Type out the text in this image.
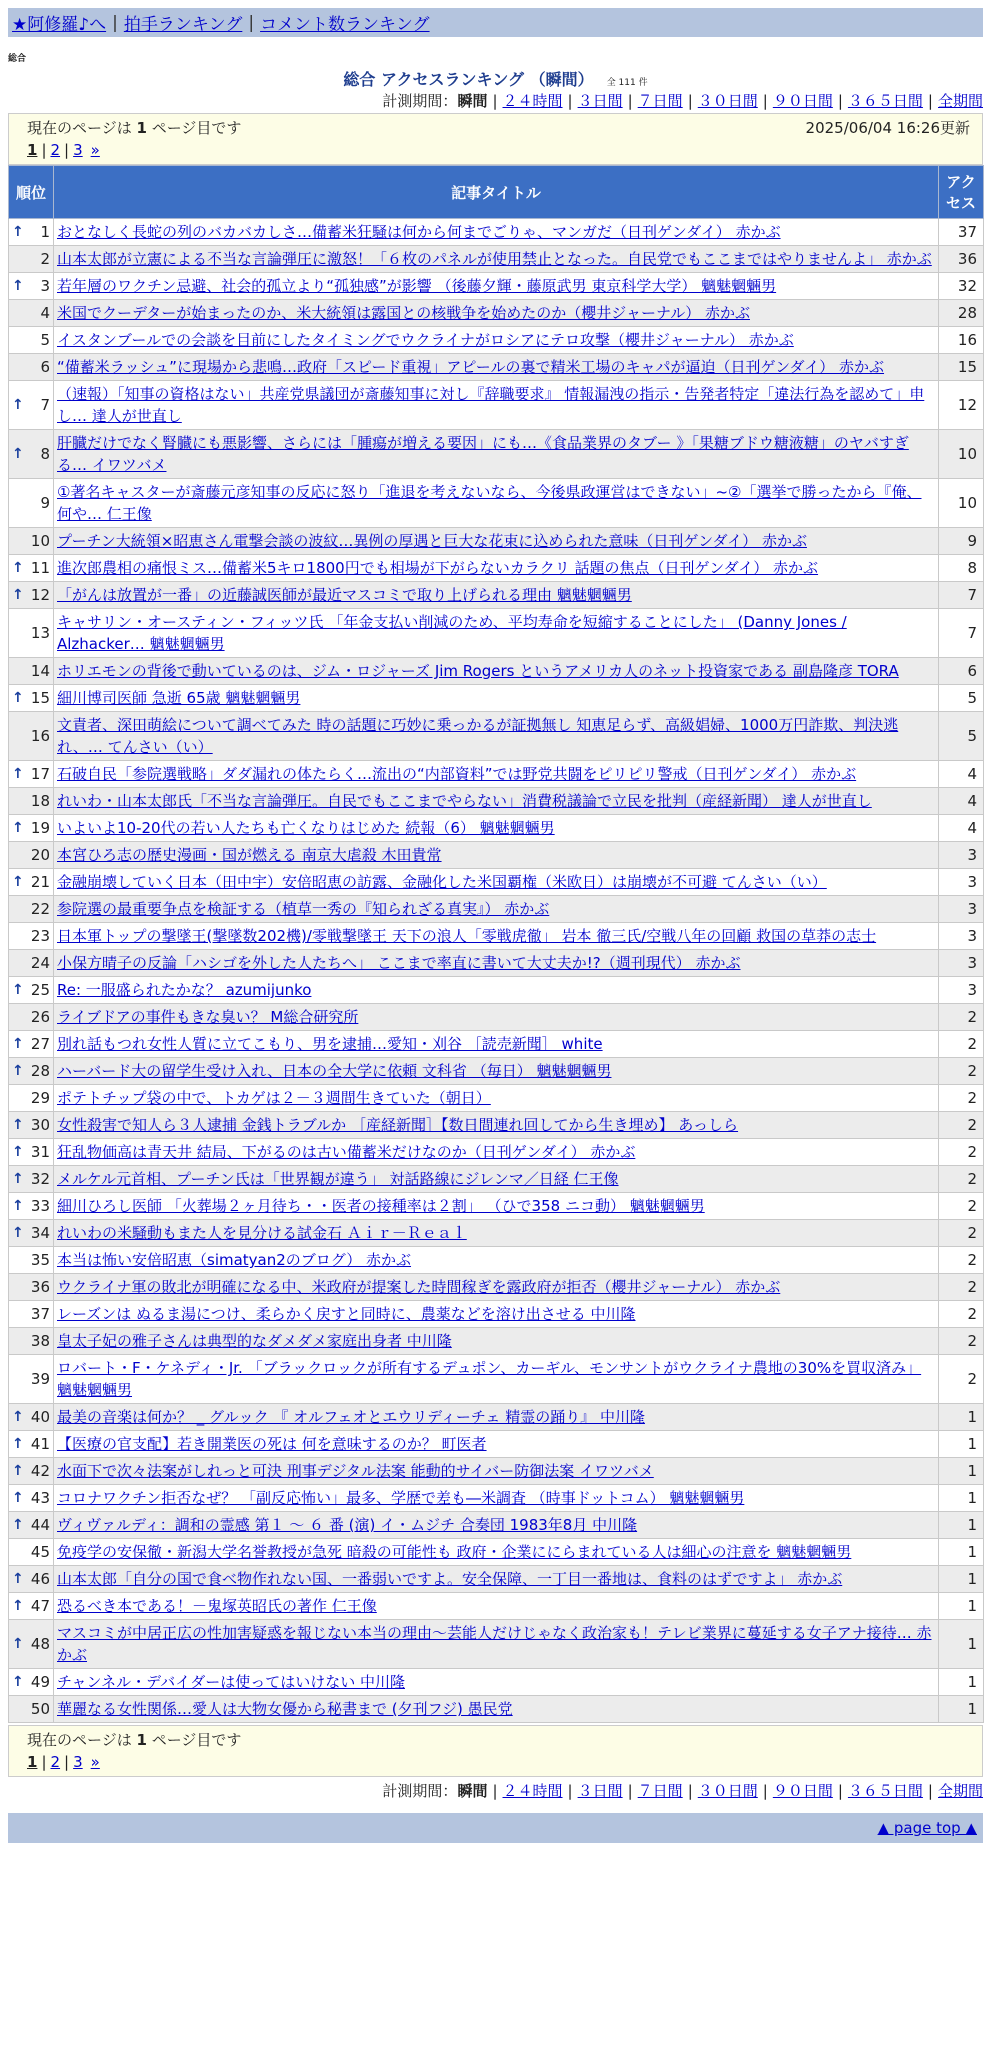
★阿修羅♪へ | 拍手ランキング | コメント数ランキング
総合
総合 アクセスランキング （瞬間） 全 111 件
計測期間：瞬間 | ２４時間 | ３日間 | ７日間 | ３０日間 | ９０日間 | ３６５日間 | 全期間
現在のページは 1 ページ目です	2025/06/04 16:26更新
1 | 2 | 3 »
順位	記事タイトル	アクセス

↑ 1	おとなしく長蛇の列のバカバカしさ…備蓄米狂騒は何から何までごりゃ、マンガだ（日刊ゲンダイ） 赤かぶ	37
2	山本太郎が立憲による不当な言論弾圧に激怒！「６枚のパネルが使用禁止となった。自民党でもここまではやりませんよ」 赤かぶ	36

↑ 3	若年層のワクチン忌避、社会的孤立より“孤独感”が影響 （後藤夕輝・藤原武男 東京科学大学） 魑魅魍魎男	32
4	米国でクーデターが始まったのか、米大統領は露国との核戦争を始めたのか（櫻井ジャーナル） 赤かぶ	28
5	イスタンブールでの会談を目前にしたタイミングでウクライナがロシアにテロ攻撃（櫻井ジャーナル） 赤かぶ	16
6	“備蓄米ラッシュ”に現場から悲鳴…政府「スピード重視」アピールの裏で精米工場のキャパが逼迫（日刊ゲンダイ） 赤かぶ	15

↑ 7	（速報）「知事の資格はない」共産党県議団が斎藤知事に対し『辞職要求』 情報漏洩の指示・告発者特定「違法行為を認めて」申し… 達人が世直し	12

↑ 8	肝臓だけでなく腎臓にも悪影響、さらには「腫瘍が増える要因」にも…《食品業界のタブー 》「果糖ブドウ糖液糖」のヤバすぎる… イワツバメ	10
9	①著名キャスターが斎藤元彦知事の反応に怒り「進退を考えないなら、今後県政運営はできない」~②「選挙で勝ったから『俺、何や… 仁王像	10
10	プーチン大統領×昭恵さん電撃会談の波紋…異例の厚遇と巨大な花束に込められた意味（日刊ゲンダイ） 赤かぶ	9

↑ 11	進次郎農相の痛恨ミス…備蓄米5キロ1800円でも相場が下がらないカラクリ 話題の焦点（日刊ゲンダイ） 赤かぶ	8

↑ 12	「がんは放置が一番」の近藤誠医師が最近マスコミで取り上げられる理由 魑魅魍魎男	7
13	キャサリン・オースティン・フィッツ氏 「年金支払い削減のため、平均寿命を短縮することにした」 (Danny Jones / Alzhacker… 魑魅魍魎男	7
14	ホリエモンの背後で動いているのは、ジム・ロジャーズ Jim Rogers というアメリカ人のネット投資家である 副島隆彦 TORA	6

↑ 15	細川博司医師 急逝 65歳 魑魅魍魎男	5
16	文責者、深田萌絵について調べてみた 時の話題に巧妙に乗っかるが証拠無し 知恵足らず、高級娼婦、1000万円詐欺、判決逃れ、… てんさい（い）	5

↑ 17	石破自民「参院選戦略」ダダ漏れの体たらく…流出の“内部資料”では野党共闘をピリピリ警戒（日刊ゲンダイ） 赤かぶ	4
18	れいわ・山本太郎氏「不当な言論弾圧。自民でもここまでやらない」消費税議論で立民を批判（産経新聞） 達人が世直し	4

↑ 19	いよいよ10-20代の若い人たちも亡くなりはじめた 続報（6） 魑魅魍魎男	4
20	本宮ひろ志の歴史漫画・国が燃える 南京大虐殺 木田貴常	3

↑ 21	金融崩壊していく日本（田中宇）安倍昭恵の訪露、金融化した米国覇権（米欧日）は崩壊が不可避 てんさい（い）	3
22	参院選の最重要争点を検証する（植草一秀の『知られざる真実』） 赤かぶ	3
23	日本軍トップの撃墜王(撃墜数202機)/零戦撃墜王 天下の浪人「零戦虎徹」 岩本 徹三氏/空戦八年の回顧 救国の草莽の志士	3
24	小保方晴子の反論「ハシゴを外した人たちへ」 ここまで率直に書いて大丈夫か!?（週刊現代） 赤かぶ	3

↑ 25	Re: 一服盛られたかな？ azumijunko	3
26	ライブドアの事件もきな臭い？ M総合研究所	2

↑ 27	別れ話もつれ女性人質に立てこもり、男を逮捕…愛知・刈谷 ［読売新聞］ white	2

↑ 28	ハーバード大の留学生受け入れ、日本の全大学に依頼 文科省 （毎日） 魑魅魍魎男	2
29	ポテトチップ袋の中で、トカゲは２－３週間生きていた（朝日）	2

↑ 30	女性殺害で知人ら３人逮捕 金銭トラブルか ［産経新聞］【数日間連れ回してから生き埋め】 あっしら	2

↑ 31	狂乱物価高は青天井 結局、下がるのは古い備蓄米だけなのか（日刊ゲンダイ） 赤かぶ	2

↑ 32	メルケル元首相、プーチン氏は「世界観が違う」 対話路線にジレンマ／日経 仁王像	2

↑ 33	細川ひろし医師 「火葬場２ヶ月待ち・・医者の接種率は２割」 （ひで358 ニコ動） 魑魅魍魎男	2

↑ 34	れいわの米騒動もまた人を見分ける試金石 Ａｉｒ－Ｒｅａｌ	2
35	本当は怖い安倍昭恵（simatyan2のブログ） 赤かぶ	2
36	ウクライナ軍の敗北が明確になる中、米政府が提案した時間稼ぎを露政府が拒否（櫻井ジャーナル） 赤かぶ	2
37	レーズンは ぬるま湯につけ、柔らかく戻すと同時に、農薬などを溶け出させる 中川隆	2
38	皇太子妃の雅子さんは典型的なダメダメ家庭出身者 中川隆	2
39	ロバート・F・ケネディ・Jr. 「ブラックロックが所有するデュポン、カーギル、モンサントがウクライナ農地の30%を買収済み」 魑魅魍魎男	2

↑ 40	最美の音楽は何か？ _ グルック 『 オルフェオとエウリディーチェ 精霊の踊り』 中川隆	1

↑ 41	【医療の官支配】若き開業医の死は 何を意味するのか？ 町医者	1

↑ 42	水面下で次々法案がしれっと可決 刑事デジタル法案 能動的サイバー防御法案 イワツバメ	1

↑ 43	コロナワクチン拒否なぜ？ 「副反応怖い」最多、学歴で差も―米調査 （時事ドットコム） 魑魅魍魎男	1

↑ 44	ヴィヴァルディ：調和の霊感 第１ ～ ６ 番 (演) イ・ムジチ 合奏団 1983年8月 中川隆	1
45	免疫学の安保徹・新潟大学名誉教授が急死 暗殺の可能性も 政府・企業ににらまれている人は細心の注意を 魑魅魍魎男	1

↑ 46	山本太郎「自分の国で食べ物作れない国、一番弱いですよ。安全保障、一丁目一番地は、食料のはずですよ」 赤かぶ	1

↑ 47	恐るべき本である！－鬼塚英昭氏の著作 仁王像	1

↑ 48	マスコミが中居正広の性加害疑惑を報じない本当の理由～芸能人だけじゃなく政治家も！テレビ業界に蔓延する女子アナ接待… 赤かぶ	1

↑ 49	チャンネル・デバイダーは使ってはいけない 中川隆	1
50	華麗なる女性関係…愛人は大物女優から秘書まで (夕刊フジ) 愚民党	1
現在のページは 1 ページ目です
1 | 2 | 3 »
計測期間：瞬間 | ２４時間 | ３日間 | ７日間 | ３０日間 | ９０日間 | ３６５日間 | 全期間
▲ page top ▲
